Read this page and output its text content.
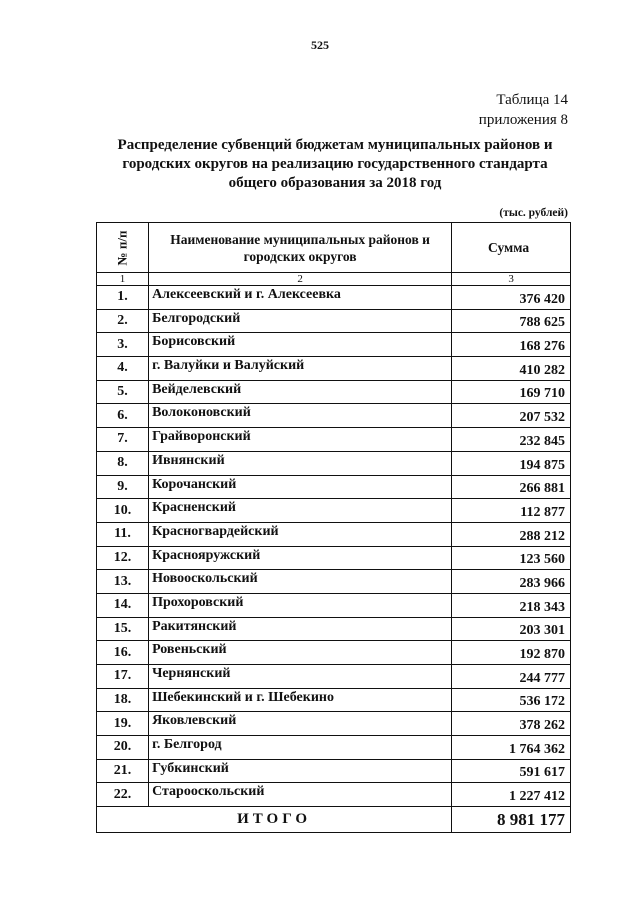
525
Таблица 14
приложения 8
Распределение субвенций бюджетам муниципальных районов и
городских округов на реализацию государственного стандарта
общего образования за 2018 год
(тыс. рублей)
№ п/п	Наименование муниципальных районов и
городских округов	Сумма
1	2	3
1.	Алексеевский и г. Алексеевка	376 420
2.	Белгородский	788 625
3.	Борисовский	168 276
4.	г. Валуйки и Валуйский	410 282
5.	Вейделевский	169 710
6.	Волоконовский	207 532
7.	Грайворонский	232 845
8.	Ивнянский	194 875
9.	Корочанский	266 881
10.	Красненский	112 877
11.	Красногвардейский	288 212
12.	Краснояружский	123 560
13.	Новооскольский	283 966
14.	Прохоровский	218 343
15.	Ракитянский	203 301
16.	Ровеньский	192 870
17.	Чернянский	244 777
18.	Шебекинский и г. Шебекино	536 172
19.	Яковлевский	378 262
20.	г. Белгород	1 764 362
21.	Губкинский	591 617
22.	Старооскольский	1 227 412
ИТОГО		8 981 177
